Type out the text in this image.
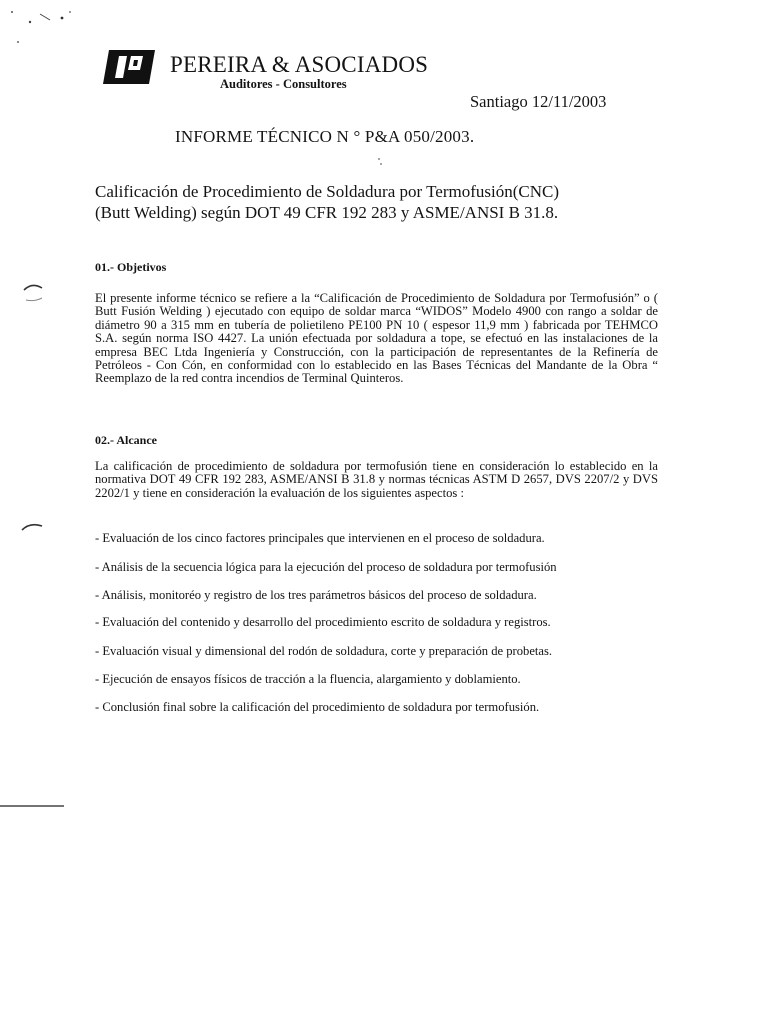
PEREIRA & ASOCIADOS
Auditores - Consultores
Santiago 12/11/2003
INFORME TÉCNICO N ° P&A 050/2003.
Calificación de Procedimiento de Soldadura por Termofusión(CNC)
(Butt Welding) según DOT 49 CFR 192 283 y ASME/ANSI B 31.8.
01.- Objetivos
El presente informe técnico se refiere a la “Calificación de Procedimiento de Soldadura por Termofusión” o ( Butt Fusión Welding ) ejecutado con equipo de soldar marca “WIDOS” Modelo 4900 con rango a soldar de diámetro 90 a 315 mm en tubería de polietileno PE100 PN 10 ( espesor 11,9 mm ) fabricada por TEHMCO S.A. según norma ISO 4427. La unión efectuada por soldadura a tope, se efectuó en las instalaciones de la empresa BEC Ltda Ingeniería y Construcción, con la participación de representantes de la Refinería de Petróleos - Con Cón, en conformidad con lo establecido en las Bases Técnicas del Mandante de la Obra “ Reemplazo de la red contra incendios de Terminal Quinteros.
02.- Alcance
La calificación de procedimiento de soldadura por termofusión tiene en consideración lo establecido en la normativa DOT 49 CFR 192 283, ASME/ANSI B 31.8 y normas técnicas ASTM D 2657, DVS 2207/2 y DVS 2202/1 y tiene en consideración la evaluación de los siguientes aspectos :
- Evaluación de los cinco factores principales que intervienen en el proceso de soldadura.
- Análisis de la secuencia lógica para la ejecución del proceso de soldadura por termofusión
- Análisis, monitoréo y registro de los tres parámetros básicos del proceso de soldadura.
- Evaluación del contenido y desarrollo del procedimiento escrito de soldadura y registros.
- Evaluación visual y dimensional del rodón de soldadura, corte y preparación de probetas.
- Ejecución de ensayos físicos de tracción a la fluencia, alargamiento y doblamiento.
- Conclusión final sobre la calificación del procedimiento de soldadura por termofusión.
